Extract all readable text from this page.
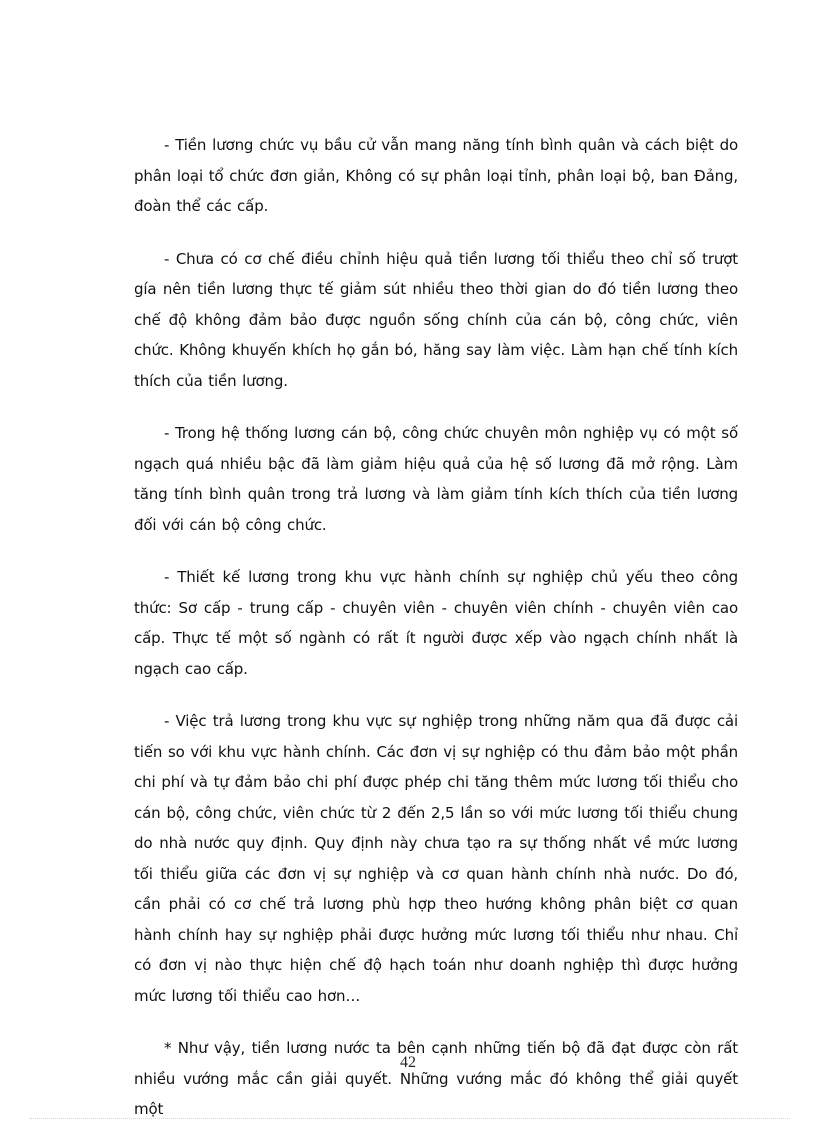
- Tiền lương chức vụ bầu cử vẫn mang năng tính bình quân và cách biệt do phân loại tổ chức đơn giản, Không có sự phân loại tỉnh, phân loại bộ, ban Đảng, đoàn thể các cấp.

- Chưa có cơ chế điều chỉnh hiệu quả tiền lương tối thiểu theo chỉ số trượt gía nên tiền lương thực tế giảm sút nhiều theo thời gian do đó tiền lương theo chế độ không đảm bảo được nguồn sống chính của cán bộ, công chức, viên chức. Không khuyến khích họ gắn bó, hăng say làm việc. Làm hạn chế tính kích thích của tiền lương.

- Trong hệ thống lương cán bộ, công chức chuyên môn nghiệp vụ có một số ngạch quá nhiều bậc đã làm giảm hiệu quả của hệ số lương đã mở rộng. Làm tăng tính bình quân trong trả lương và làm giảm tính kích thích của tiền lương đối với cán bộ công chức.

- Thiết kế lương trong khu vực hành chính sự nghiệp chủ yếu theo công thức: Sơ cấp - trung cấp - chuyên viên - chuyên viên chính - chuyên viên cao cấp. Thực tế một số ngành có rất ít người được xếp vào ngạch chính nhất là ngạch cao cấp.

- Việc trả lương trong khu vực sự nghiệp trong những năm qua đã được cải tiến so với khu vực hành chính. Các đơn vị sự nghiệp có thu đảm bảo một phần chi phí và tự đảm bảo chi phí được phép chi tăng thêm mức lương tối thiểu cho cán bộ, công chức, viên chức từ 2 đến 2,5 lần so với mức lương tối thiểu chung do nhà nước quy định. Quy định này chưa tạo ra sự thống nhất về mức lương tối thiểu giữa các đơn vị sự nghiệp và cơ quan hành chính nhà nước. Do đó, cần phải có cơ chế trả lương phù hợp theo hướng không phân biệt cơ quan hành chính hay sự nghiệp phải được hưởng mức lương tối thiểu như nhau. Chỉ có đơn vị nào thực hiện chế độ hạch toán như doanh nghiệp thì được hưởng mức lương tối thiểu cao hơn…

* Như vậy, tiền lương nước ta bên cạnh những tiến bộ đã đạt được còn rất nhiều vướng mắc cần giải quyết. Những vướng mắc đó không thể giải quyết một

42
